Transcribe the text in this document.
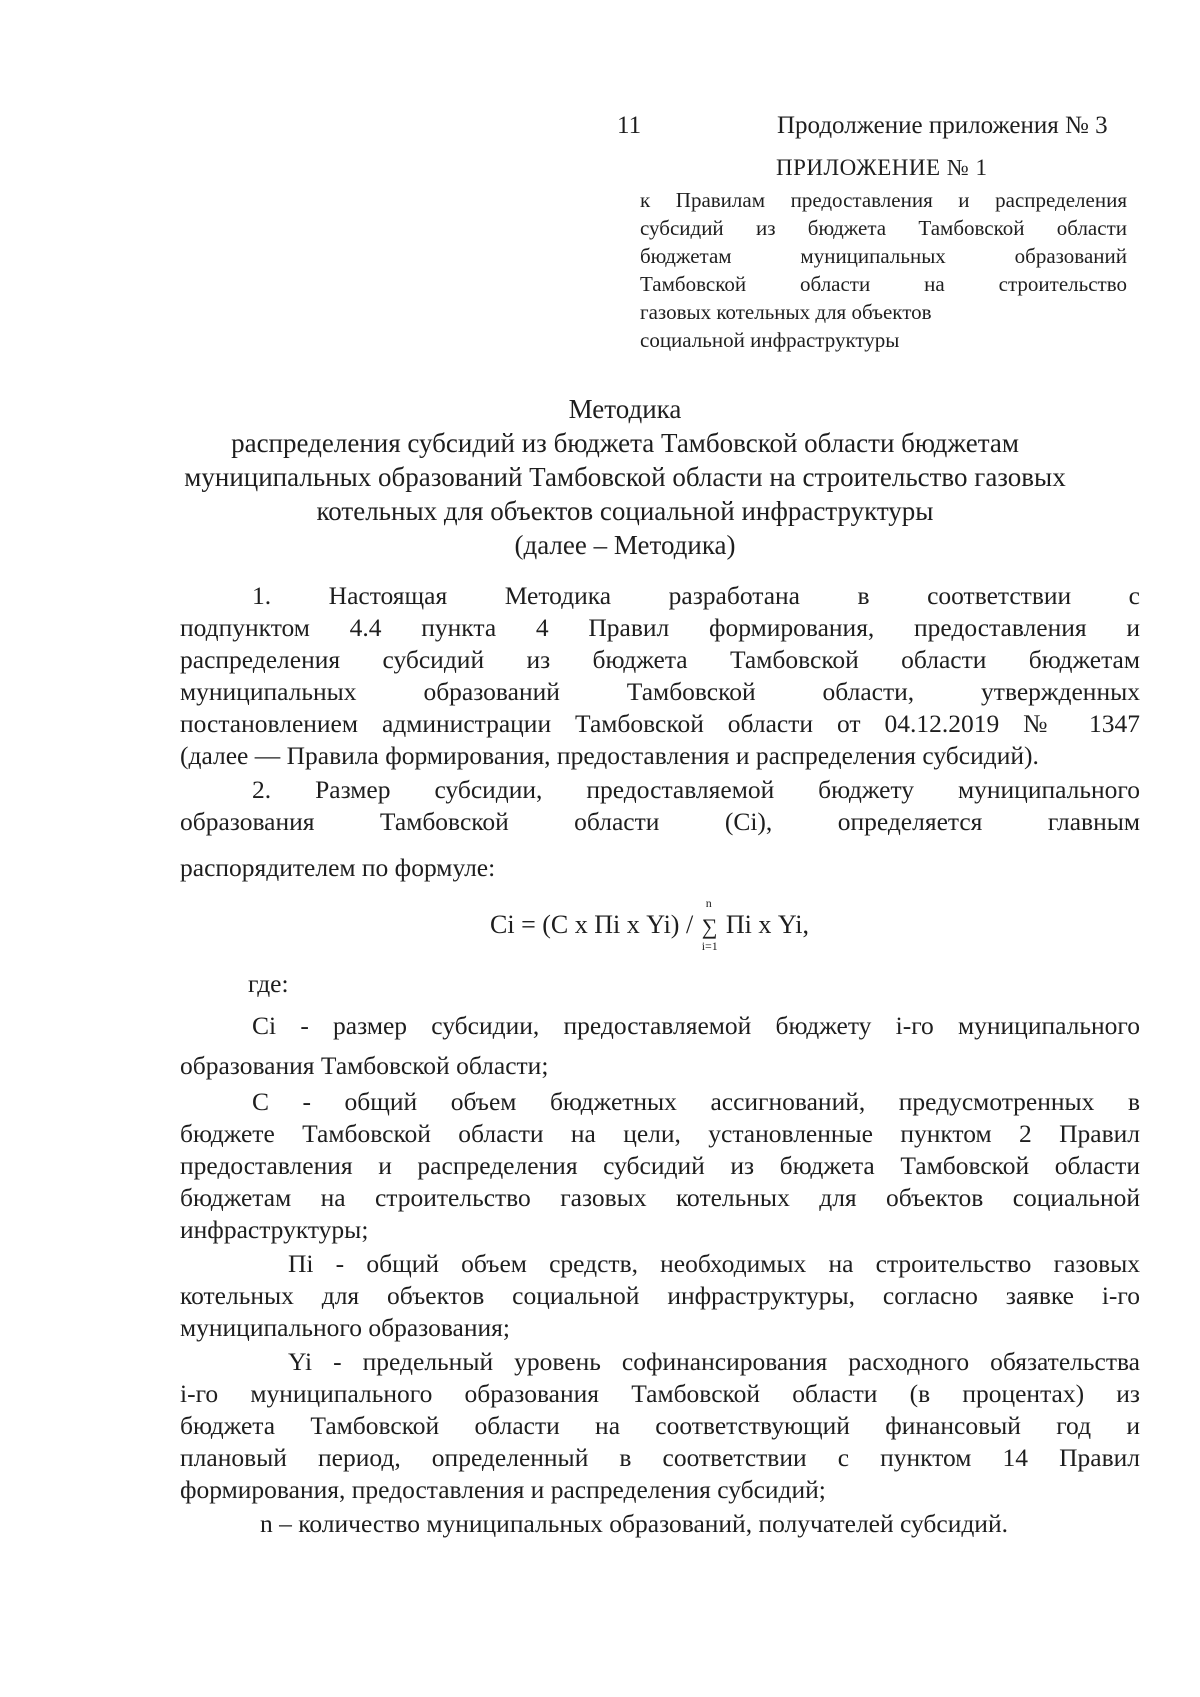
11	Продолжение приложения № 3
ПРИЛОЖЕНИЕ № 1
к Правилам предоставления и распределения
субсидий из бюджета Тамбовской области
бюджетам муниципальных образований
Тамбовской области на строительство
газовых котельных для объектов
социальной инфраструктуры
Методика
распределения субсидий из бюджета Тамбовской области бюджетам
муниципальных образований Тамбовской области на строительство газовых
котельных для объектов социальной инфраструктуры
(далее – Методика)
1. Настоящая Методика разработана в соответствии с
подпунктом 4.4 пункта 4 Правил формирования, предоставления и
распределения субсидий из бюджета Тамбовской области бюджетам
муниципальных образований Тамбовской области, утвержденных
постановлением администрации Тамбовской области от 04.12.2019 № 1347
(далее — Правила формирования, предоставления и распределения субсидий).
2. Размер субсидии, предоставляемой бюджету муниципального
образования Тамбовской области (Ci), определяется главным
распорядителем по формуле:
Ci = (С х Пi х Yi) /
n
∑
i=1
Пi х Yi,
где:
Ci - размер субсидии, предоставляемой бюджету i-го муниципального
образования Тамбовской области;
С - общий объем бюджетных ассигнований, предусмотренных в
бюджете Тамбовской области на цели, установленные пунктом 2 Правил
предоставления и распределения субсидий из бюджета Тамбовской области
бюджетам на строительство газовых котельных для объектов социальной
инфраструктуры;
Пi - общий объем средств, необходимых на строительство газовых
котельных для объектов социальной инфраструктуры, согласно заявке i-го
муниципального образования;
Yi - предельный уровень софинансирования расходного обязательства
i-го муниципального образования Тамбовской области (в процентах) из
бюджета Тамбовской области на соответствующий финансовый год и
плановый период, определенный в соответствии с пунктом 14 Правил
формирования, предоставления и распределения субсидий;
n – количество муниципальных образований, получателей субсидий.
